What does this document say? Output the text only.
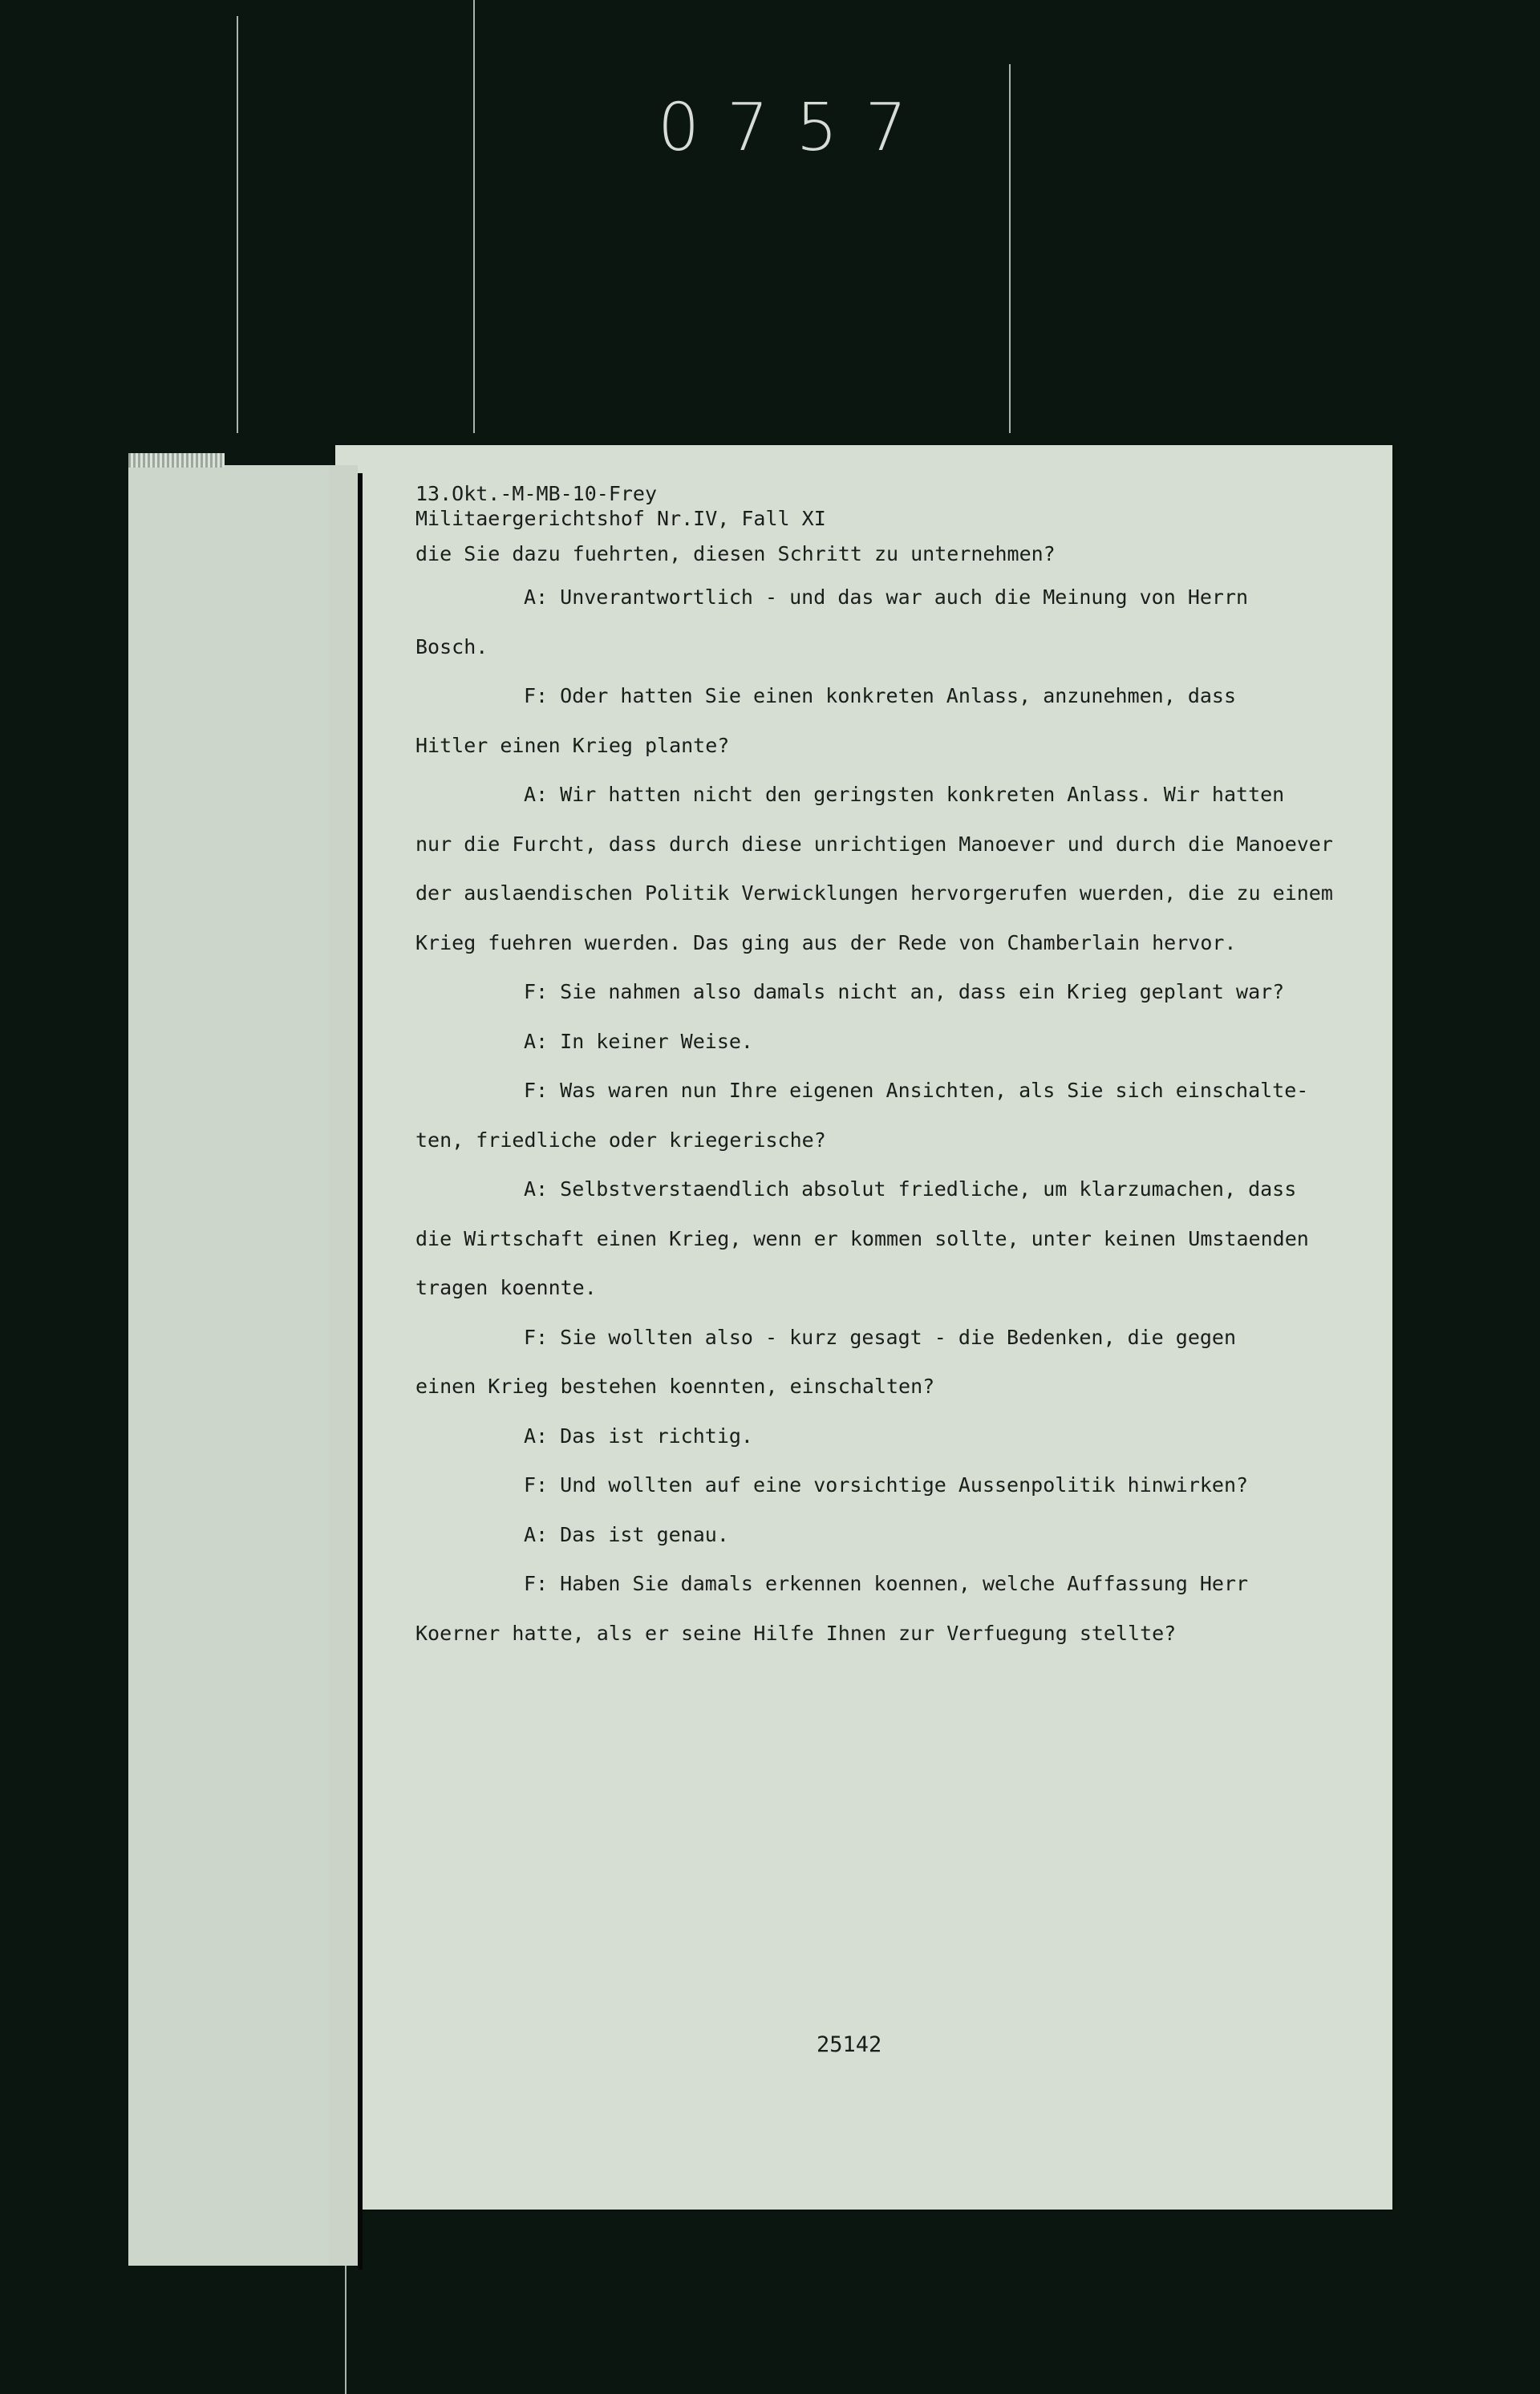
0757
13.Okt.-M-MB-10-Frey
Militaergerichtshof Nr.IV, Fall XI
die Sie dazu fuehrten, diesen Schritt zu unternehmen?
A: Unverantwortlich - und das war auch die Meinung von Herrn
Bosch.
F: Oder hatten Sie einen konkreten Anlass, anzunehmen, dass
Hitler einen Krieg plante?
A: Wir hatten nicht den geringsten konkreten Anlass. Wir hatten
nur die Furcht, dass durch diese unrichtigen Manoever und durch die Manoever
der auslaendischen Politik Verwicklungen hervorgerufen wuerden, die zu einem
Krieg fuehren wuerden. Das ging aus der Rede von Chamberlain hervor.
F: Sie nahmen also damals nicht an, dass ein Krieg geplant war?
A: In keiner Weise.
F: Was waren nun Ihre eigenen Ansichten, als Sie sich einschalte-
ten, friedliche oder kriegerische?
A: Selbstverstaendlich absolut friedliche, um klarzumachen, dass
die Wirtschaft einen Krieg, wenn er kommen sollte, unter keinen Umstaenden
tragen koennte.
F: Sie wollten also - kurz gesagt - die Bedenken, die gegen
einen Krieg bestehen koennten, einschalten?
A: Das ist richtig.
F: Und wollten auf eine vorsichtige Aussenpolitik hinwirken?
A: Das ist genau.
F: Haben Sie damals erkennen koennen, welche Auffassung Herr
Koerner hatte, als er seine Hilfe Ihnen zur Verfuegung stellte?
25142
